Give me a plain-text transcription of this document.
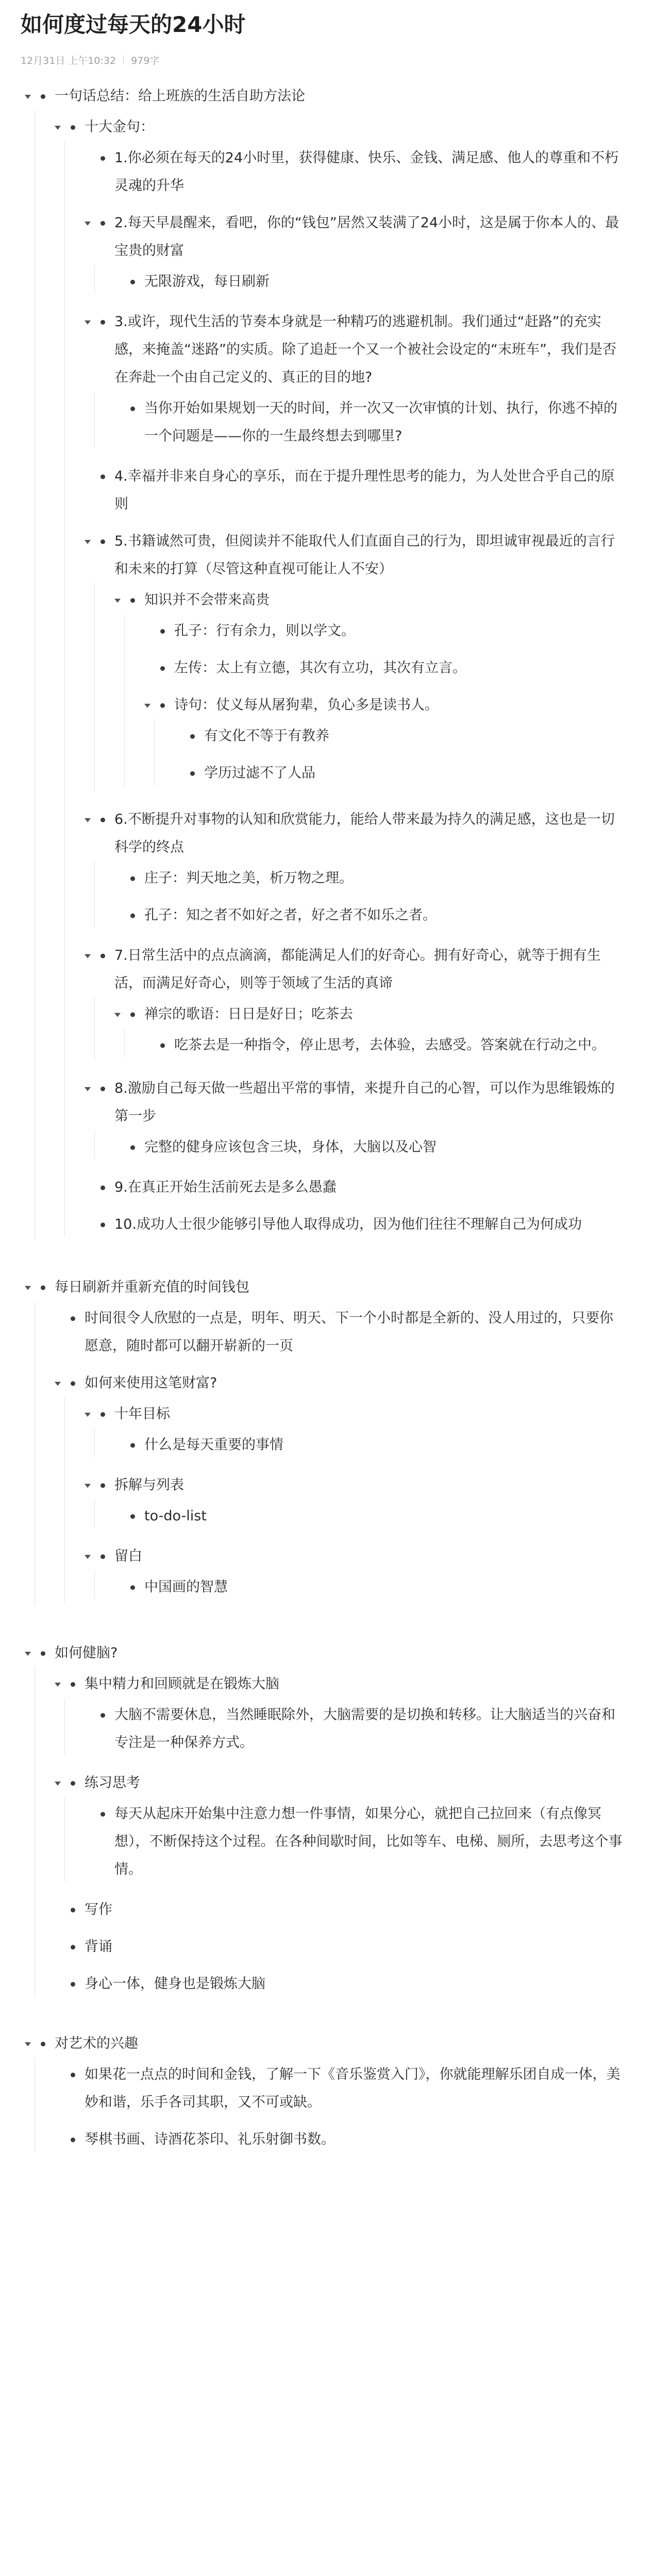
如何度过每天的24小时
12月31日 上午10:32 979字
一句话总结：给上班族的生活自助方法论
十大金句：
1.你必须在每天的24小时里，获得健康、快乐、金钱、满足感、他人的尊重和不朽灵魂的升华
2.每天早晨醒来，看吧，你的“钱包”居然又装满了24小时，这是属于你本人的、最宝贵的财富
无限游戏，每日刷新
3.或许，现代生活的节奏本身就是一种精巧的逃避机制。我们通过“赶路”的充实感，来掩盖“迷路”的实质。除了追赶一个又一个被社会设定的“末班车”，我们是否在奔赴一个由自己定义的、真正的目的地?
当你开始如果规划一天的时间，并一次又一次审慎的计划、执行，你逃不掉的一个问题是——你的一生最终想去到哪里?
4.幸福并非来自身心的享乐，而在于提升理性思考的能力，为人处世合乎自己的原则
5.书籍诚然可贵，但阅读并不能取代人们直面自己的行为，即坦诚审视最近的言行和未来的打算（尽管这种直视可能让人不安）
知识并不会带来高贵
孔子：行有余力，则以学文。
左传：太上有立德，其次有立功，其次有立言。
诗句：仗义每从屠狗辈，负心多是读书人。
有文化不等于有教养
学历过滤不了人品
6.不断提升对事物的认知和欣赏能力，能给人带来最为持久的满足感，这也是一切科学的终点
庄子：判天地之美，析万物之理。
孔子：知之者不如好之者，好之者不如乐之者。
7.日常生活中的点点滴滴，都能满足人们的好奇心。拥有好奇心，就等于拥有生活，而满足好奇心，则等于领域了生活的真谛
禅宗的歌语：日日是好日；吃茶去
吃茶去是一种指令，停止思考，去体验，去感受。答案就在行动之中。
8.激励自己每天做一些超出平常的事情，来提升自己的心智，可以作为思维锻炼的第一步
完整的健身应该包含三块，身体，大脑以及心智
9.在真正开始生活前死去是多么愚蠢
10.成功人士很少能够引导他人取得成功，因为他们往往不理解自己为何成功
每日刷新并重新充值的时间钱包
时间很令人欣慰的一点是，明年、明天、下一个小时都是全新的、没人用过的，只要你愿意，随时都可以翻开崭新的一页
如何来使用这笔财富?
十年目标
什么是每天重要的事情
拆解与列表
to-do-list
留白
中国画的智慧
如何健脑?
集中精力和回顾就是在锻炼大脑
大脑不需要休息，当然睡眠除外，大脑需要的是切换和转移。让大脑适当的兴奋和专注是一种保养方式。
练习思考
每天从起床开始集中注意力想一件事情，如果分心，就把自己拉回来（有点像冥想），不断保持这个过程。在各种间歇时间，比如等车、电梯、厕所，去思考这个事情。
写作
背诵
身心一体，健身也是锻炼大脑
对艺术的兴趣
如果花一点点的时间和金钱，了解一下《音乐鉴赏入门》，你就能理解乐团自成一体，美妙和谐，乐手各司其职，又不可或缺。
琴棋书画、诗酒花茶印、礼乐射御书数。
